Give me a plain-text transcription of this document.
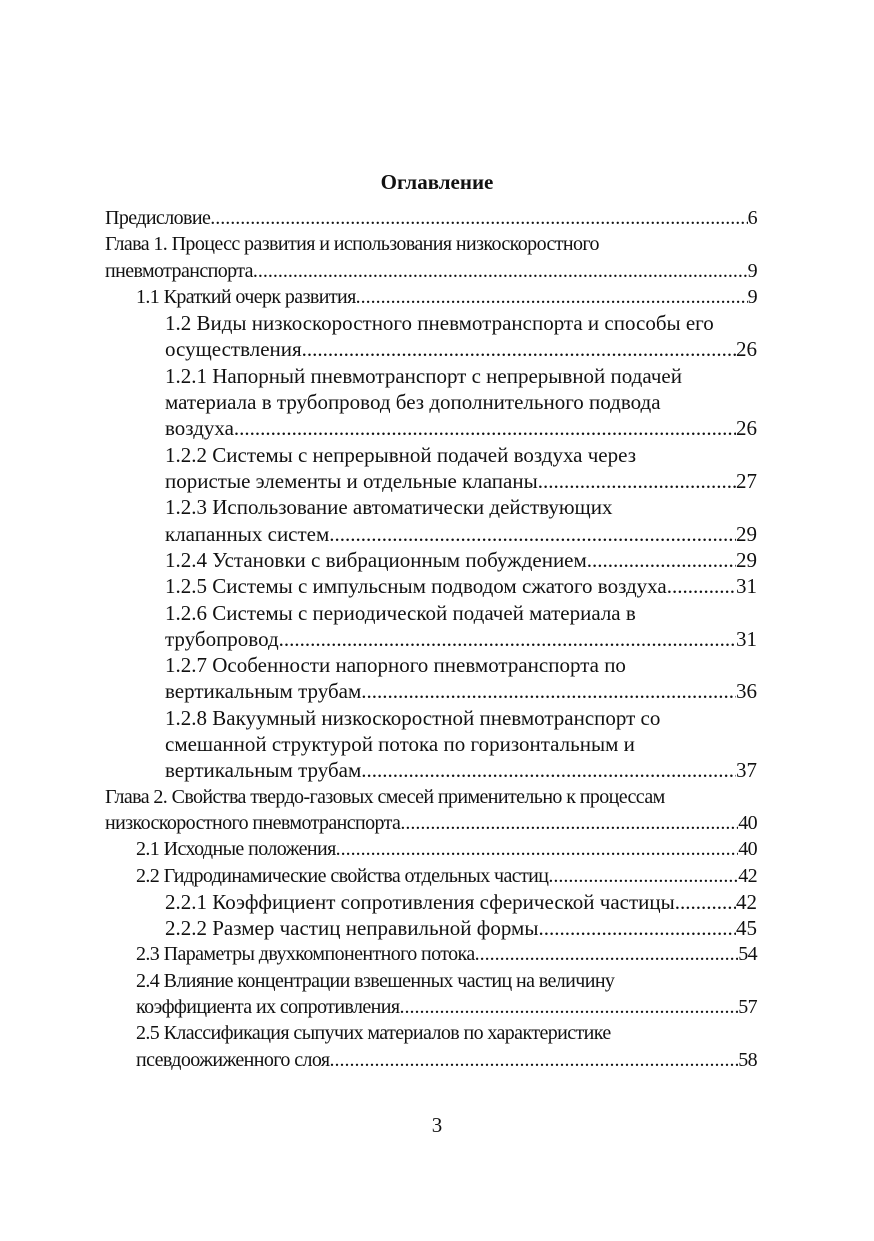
Оглавление
Предисловие .....	6
Глава 1. Процесс развития и использования низкоскоростного
пневмотранспорта .....	9
1.1 Краткий очерк развития .....	9
1.2 Виды низкоскоростного пневмотранспорта и способы его
осуществления .....	26
1.2.1 Напорный пневмотранспорт с непрерывной подачей
материала в трубопровод без дополнительного подвода
воздуха .....	26
1.2.2 Системы с непрерывной подачей воздуха через
пористые элементы и отдельные клапаны .....	27
1.2.3 Использование автоматически действующих
клапанных систем .....	29
1.2.4 Установки с вибрационным побуждением .....	29
1.2.5 Системы с импульсным подводом сжатого воздуха .....	31
1.2.6 Системы с периодической подачей материала в
трубопровод .....	31
1.2.7 Особенности напорного пневмотранспорта по
вертикальным трубам .....	36
1.2.8 Вакуумный низкоскоростной пневмотранспорт со
смешанной структурой потока по горизонтальным и
вертикальным трубам .....	37
Глава 2. Свойства твердо-газовых смесей применительно к процессам
низкоскоростного пневмотранспорта .....	40
2.1 Исходные положения .....	40
2.2 Гидродинамические свойства отдельных частиц .....	42
2.2.1 Коэффициент сопротивления сферической частицы .....	42
2.2.2 Размер частиц неправильной формы .....	45
2.3 Параметры двухкомпонентного потока .....	54
2.4 Влияние концентрации взвешенных частиц на величину
коэффициента их сопротивления .....	57
2.5 Классификация сыпучих материалов по характеристике
псевдоожиженного слоя .....	58
3
